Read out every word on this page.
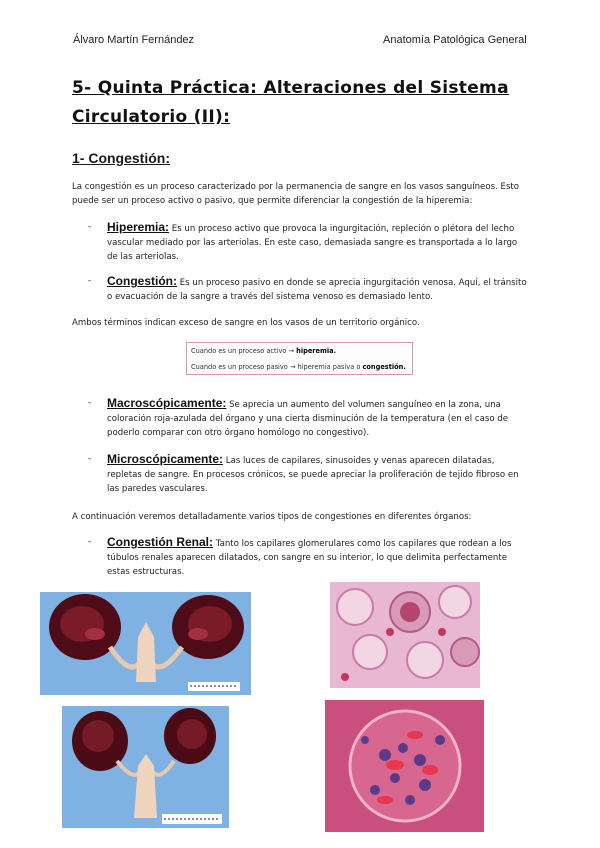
Álvaro Martín Fernández	Anatomía Patológica General
5- Quinta Práctica: Alteraciones del Sistema
Circulatorio (II):
1- Congestión:
La congestión es un proceso caracterizado por la permanencia de sangre en los vasos sanguíneos. Esto puede ser un proceso activo o pasivo, que permite diferenciar la congestión de la hiperemia:
- Hiperemia: Es un proceso activo que provoca la ingurgitación, repleción o plétora del lecho vascular mediado por las arteriolas. En este caso, demasiada sangre es transportada a lo largo de las arteriolas.
- Congestión: Es un proceso pasivo en donde se aprecia ingurgitación venosa. Aquí, el tránsito o evacuación de la sangre a través del sistema venoso es demasiado lento.
Ambos términos indican exceso de sangre en los vasos de un territorio orgánico.
Cuando es un proceso activo → hiperemia.
Cuando es un proceso pasivo → hiperemia pasiva o congestión.
- Macroscópicamente: Se aprecia un aumento del volumen sanguíneo en la zona, una coloración roja-azulada del órgano y una cierta disminución de la temperatura (en el caso de poderlo comparar con otro órgano homólogo no congestivo).
- Microscópicamente: Las luces de capilares, sinusoides y venas aparecen dilatadas, repletas de sangre. En procesos crónicos, se puede apreciar la proliferación de tejido fibroso en las paredes vasculares.
A continuación veremos detalladamente varios tipos de congestiones en diferentes órganos:
- Congestión Renal: Tanto los capilares glomerulares como los capilares que rodean a los túbulos renales aparecen dilatados, con sangre en su interior, lo que delimita perfectamente estas estructuras.
